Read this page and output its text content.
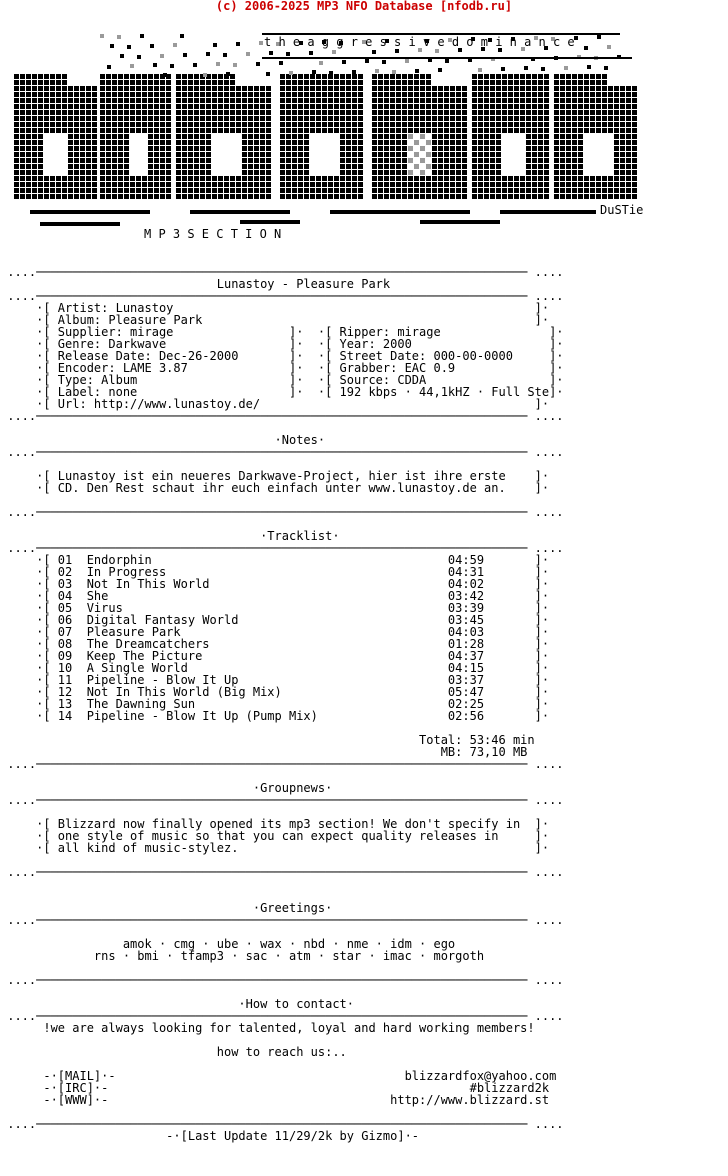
(c) 2006-2025 MP3 NFO Database [nfodb.ru]
t h e a g g r e s s i v e d o m i n a n c e
DuSTie
M P 3 S E C T I O N

....──────────────────────────────────────────────────────────────────── ....
Lunastoy - Pleasure Park
....──────────────────────────────────────────────────────────────────── ....
·[ Artist: Lunastoy                                                  ]·
·[ Album: Pleasure Park                                              ]·
·[ Supplier: mirage                ]·  ·[ Ripper: mirage               ]·
·[ Genre: Darkwave                 ]·  ·[ Year: 2000                   ]·
·[ Release Date: Dec-26-2000       ]·  ·[ Street Date: 000-00-0000     ]·
·[ Encoder: LAME 3.87              ]·  ·[ Grabber: EAC 0.9             ]·
·[ Type: Album                     ]·  ·[ Source: CDDA                 ]·
·[ Label: none                     ]·  ·[ 192 kbps · 44,1kHZ · Full Ste]·
·[ Url: http://www.lunastoy.de/                                      ]·
....──────────────────────────────────────────────────────────────────── ....

·Notes·
....──────────────────────────────────────────────────────────────────── ....

·[ Lunastoy ist ein neueres Darkwave-Project, hier ist ihre erste    ]·
·[ CD. Den Rest schaut ihr euch einfach unter www.lunastoy.de an.    ]·

....──────────────────────────────────────────────────────────────────── ....

·Tracklist·
....──────────────────────────────────────────────────────────────────── ....
·[ 01  Endorphin                                         04:59       ]·
·[ 02  In Progress                                       04:31       ]·
·[ 03  Not In This World                                 04:02       ]·
·[ 04  She                                               03:42       ]·
·[ 05  Virus                                             03:39       ]·
·[ 06  Digital Fantasy World                             03:45       ]·
·[ 07  Pleasure Park                                     04:03       ]·
·[ 08  The Dreamcatchers                                 01:28       ]·
·[ 09  Keep The Picture                                  04:37       ]·
·[ 10  A Single World                                    04:15       ]·
·[ 11  Pipeline - Blow It Up                             03:37       ]·
·[ 12  Not In This World (Big Mix)                       05:47       ]·
·[ 13  The Dawning Sun                                   02:25       ]·
·[ 14  Pipeline - Blow It Up (Pump Mix)                  02:56       ]·

Total: 53:46 min
MB: 73,10 MB
....──────────────────────────────────────────────────────────────────── ....

·Groupnews·
....──────────────────────────────────────────────────────────────────── ....

·[ Blizzard now finally opened its mp3 section! We don't specify in  ]·
·[ one style of music so that you can expect quality releases in     ]·
·[ all kind of music-stylez.                                         ]·

....──────────────────────────────────────────────────────────────────── ....

·Greetings·
....──────────────────────────────────────────────────────────────────── ....

amok · cmg · ube · wax · nbd · nme · idm · ego
rns · bmi · tfamp3 · sac · atm · star · imac · morgoth

....──────────────────────────────────────────────────────────────────── ....

·How to contact·
....──────────────────────────────────────────────────────────────────── ....
!we are always looking for talented, loyal and hard working members!

how to reach us:..

-·[MAIL]·-                                        blizzardfox@yahoo.com
-·[IRC]·-                                                  #blizzard2k
-·[WWW]·-                                       http://www.blizzard.st

....──────────────────────────────────────────────────────────────────── ....
-·[Last Update 11/29/2k by Gizmo]·-
